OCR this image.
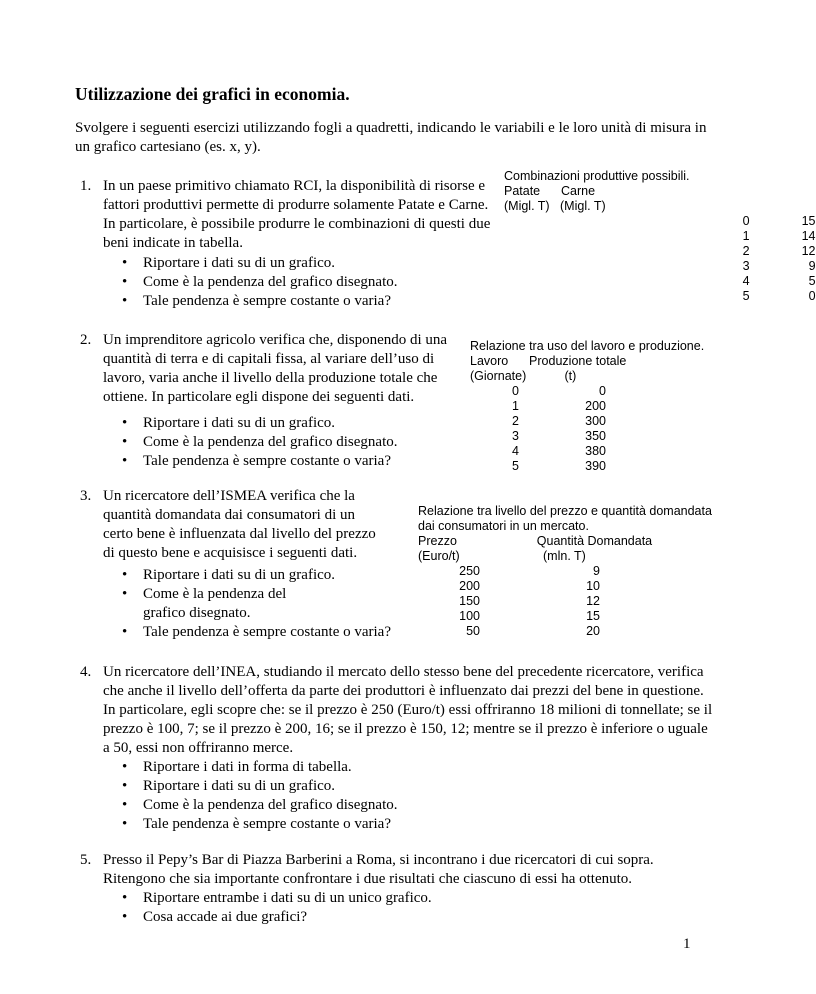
Utilizzazione dei grafici in economia.
Svolgere i seguenti esercizi utilizzando fogli a quadretti, indicando le variabili e le loro unità di misura in un grafico cartesiano (es. x, y).
1. In un paese primitivo chiamato RCI, la disponibilità di risorse e fattori produttivi permette di produrre solamente Patate e Carne. In particolare, è possibile produrre le combinazioni di questi due beni indicate in tabella.
• Riportare i dati su di un grafico.
• Come è la pendenza del grafico disegnato.
• Tale pendenza è sempre costante o varia?
Combinazioni produttive possibili.
Patate      Carne
(Migl. T)   (Migl. T)
0	15
1	14
2	12
3	9
4	5
5	0
2. Un imprenditore agricolo verifica che, disponendo di una quantità di terra e di capitali fissa, al variare dell’uso di lavoro, varia anche il livello della produzione totale che ottiene. In particolare egli dispone dei seguenti dati.
• Riportare i dati su di un grafico.
• Come è la pendenza del grafico disegnato.
• Tale pendenza è sempre costante o varia?
Relazione tra uso del lavoro e produzione.
Lavoro      Produzione totale
(Giornate)           (t)
0	0
1	200
2	300
3	350
4	380
5	390
3. Un ricercatore dell’ISMEA verifica che la quantità domandata dai consumatori di un certo bene è influenzata dal livello del prezzo di questo bene e acquisisce i seguenti dati.
• Riportare i dati su di un grafico.
• Come è la pendenza del grafico disegnato.
• Tale pendenza è sempre costante o varia?
Relazione tra livello del prezzo e quantità domandata
dai consumatori in un mercato.
Prezzo                       Quantità Domandata
(Euro/t)                        (mln. T)
250	9
200	10
150	12
100	15
50	20
4. Un ricercatore dell’INEA, studiando il mercato dello stesso bene del precedente ricercatore, verifica che anche il livello dell’offerta da parte dei produttori è influenzato dai prezzi del bene in questione. In particolare, egli scopre che: se il prezzo è 250 (Euro/t) essi offriranno 18 milioni di tonnellate; se il prezzo è 100, 7; se il prezzo è 200, 16; se il prezzo è 150, 12; mentre se il prezzo è inferiore o uguale a 50, essi non offriranno merce.
• Riportare i dati in forma di tabella.
• Riportare i dati su di un grafico.
• Come è la pendenza del grafico disegnato.
• Tale pendenza è sempre costante o varia?
5. Presso il Pepy’s Bar di Piazza Barberini a Roma, si incontrano i due ricercatori di cui sopra. Ritengono che sia importante confrontare i due risultati che ciascuno di essi ha ottenuto.
• Riportare entrambe i dati su di un unico grafico.
• Cosa accade ai due grafici?
1
